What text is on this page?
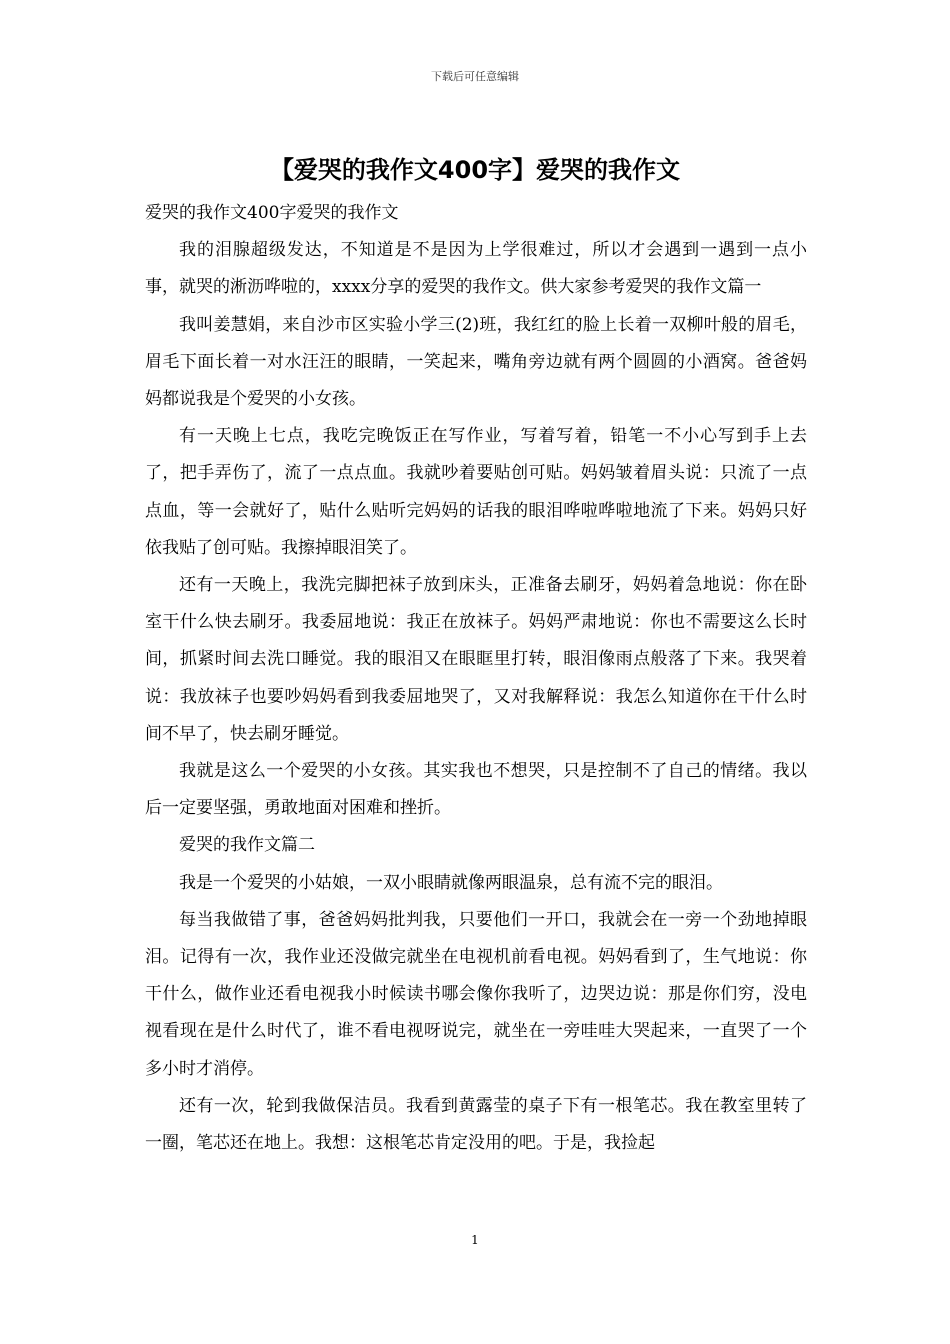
下载后可任意编辑
【爱哭的我作文400字】爱哭的我作文

爱哭的我作文400字爱哭的我作文

我的泪腺超级发达，不知道是不是因为上学很难过，所以才会遇到一遇到一点小事，就哭的淅沥哗啦的，xxxx分享的爱哭的我作文。供大家参考爱哭的我作文篇一

我叫姜慧娟，来自沙市区实验小学三(2)班，我红红的脸上长着一双柳叶般的眉毛，眉毛下面长着一对水汪汪的眼睛，一笑起来，嘴角旁边就有两个圆圆的小酒窝。爸爸妈妈都说我是个爱哭的小女孩。

有一天晚上七点，我吃完晚饭正在写作业，写着写着，铅笔一不小心写到手上去了，把手弄伤了，流了一点点血。我就吵着要贴创可贴。妈妈皱着眉头说：只流了一点点血，等一会就好了，贴什么贴听完妈妈的话我的眼泪哗啦哗啦地流了下来。妈妈只好依我贴了创可贴。我擦掉眼泪笑了。

还有一天晚上，我洗完脚把袜子放到床头，正准备去刷牙，妈妈着急地说：你在卧室干什么快去刷牙。我委屈地说：我正在放袜子。妈妈严肃地说：你也不需要这么长时间，抓紧时间去洗口睡觉。我的眼泪又在眼眶里打转，眼泪像雨点般落了下来。我哭着说：我放袜子也要吵妈妈看到我委屈地哭了，又对我解释说：我怎么知道你在干什么时间不早了，快去刷牙睡觉。

我就是这么一个爱哭的小女孩。其实我也不想哭，只是控制不了自己的情绪。我以后一定要坚强，勇敢地面对困难和挫折。

爱哭的我作文篇二

我是一个爱哭的小姑娘，一双小眼睛就像两眼温泉，总有流不完的眼泪。

每当我做错了事，爸爸妈妈批判我，只要他们一开口，我就会在一旁一个劲地掉眼泪。记得有一次，我作业还没做完就坐在电视机前看电视。妈妈看到了，生气地说：你干什么，做作业还看电视我小时候读书哪会像你我听了，边哭边说：那是你们穷，没电视看现在是什么时代了，谁不看电视呀说完，就坐在一旁哇哇大哭起来，一直哭了一个多小时才消停。

还有一次，轮到我做保洁员。我看到黄露莹的桌子下有一根笔芯。我在教室里转了一圈，笔芯还在地上。我想：这根笔芯肯定没用的吧。于是，我捡起

1
